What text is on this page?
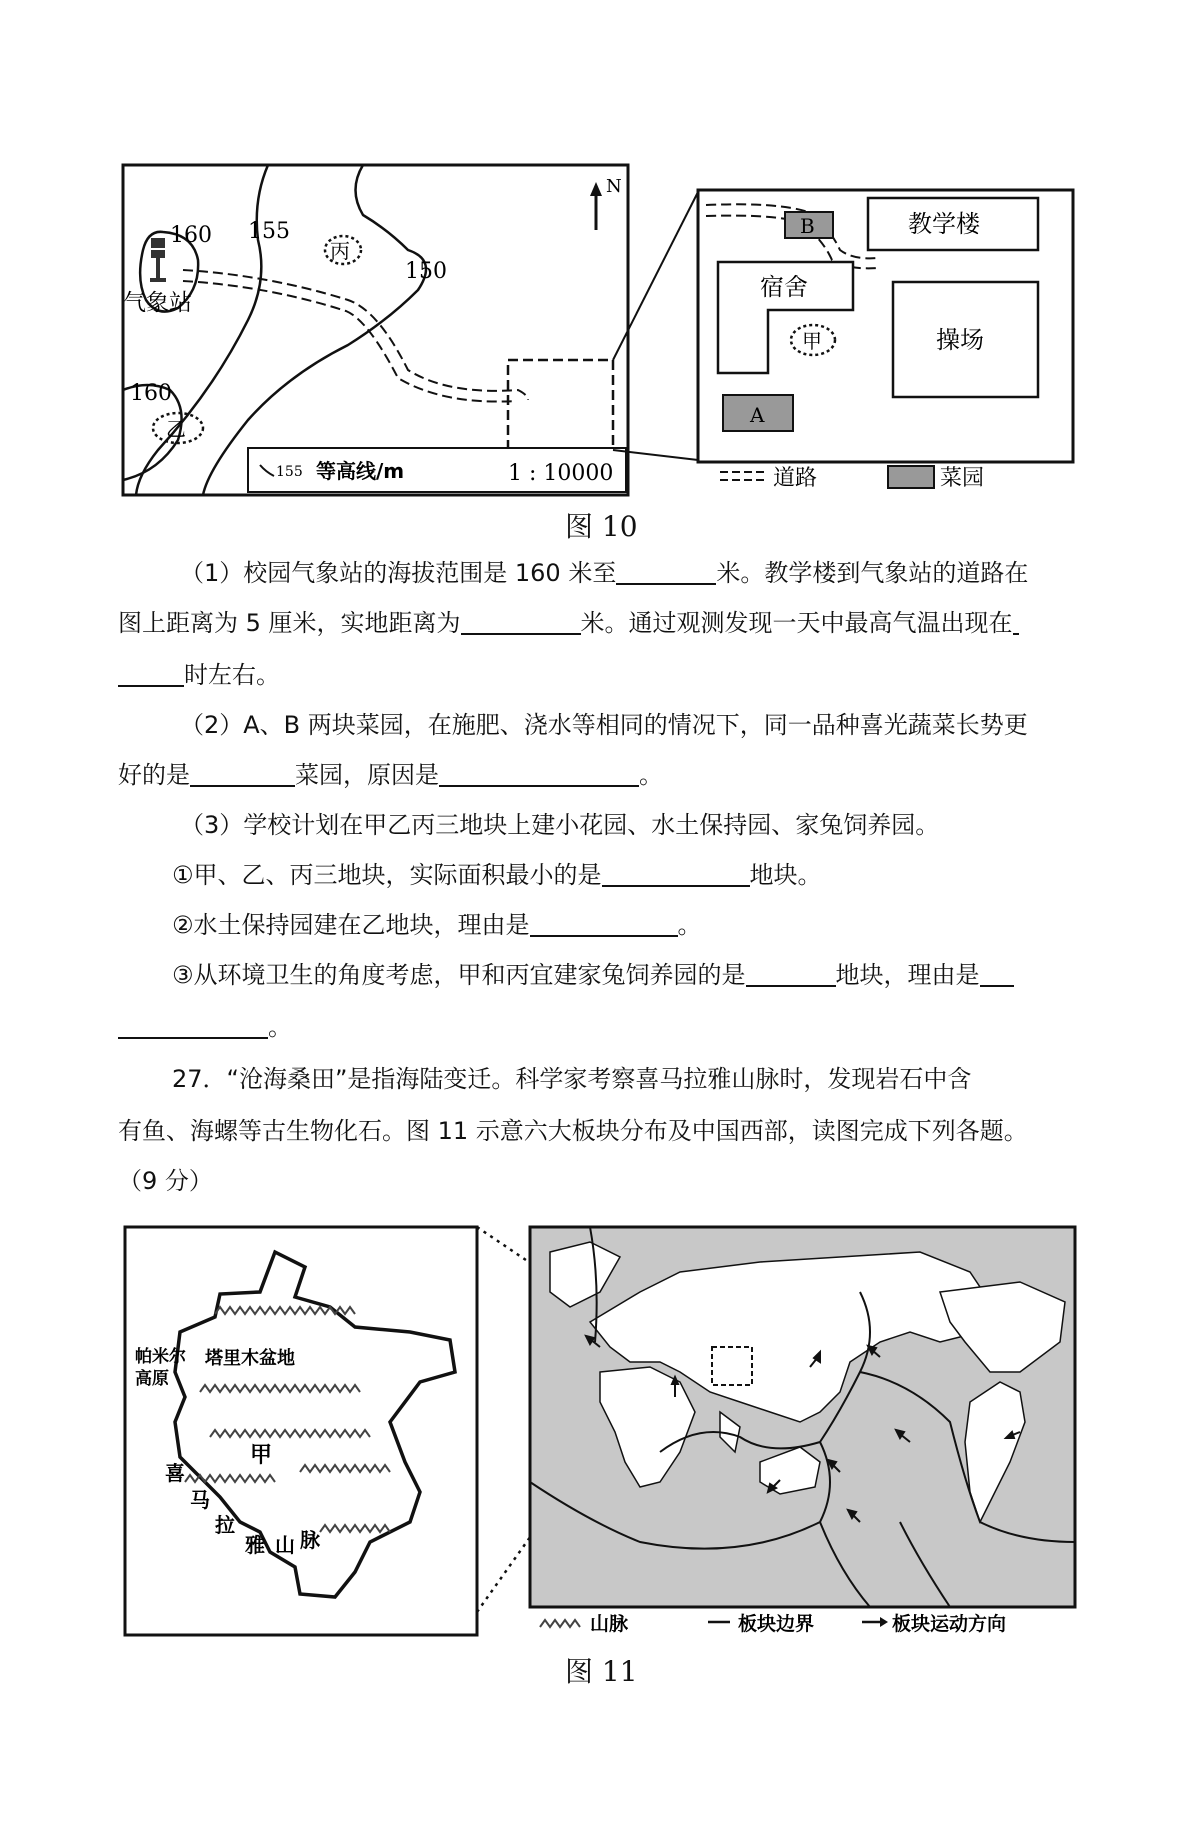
160 155
150
160
气象站
丙
乙
N
155 等高线/m	1 : 10000
教学楼
宿舍
操场
B
A
甲
道路	菜园
图 10
（1）校园气象站的海拔范围是 160 米至	米。教学楼到气象站的道路在
图上距离为 5 厘米，实地距离为	米。通过观测发现一天中最高气温出现在
时左右。
（2）A、B 两块菜园，在施肥、浇水等相同的情况下，同一品种喜光蔬菜长势更
好的是	菜园，原因是	。
（3）学校计划在甲乙丙三地块上建小花园、水土保持园、家兔饲养园。
①甲、乙、丙三地块，实际面积最小的是	地块。
②水土保持园建在乙地块，理由是	。
③从环境卫生的角度考虑，甲和丙宜建家兔饲养园的是	地块，理由是
。
27．“沧海桑田”是指海陆变迁。科学家考察喜马拉雅山脉时，发现岩石中含
有鱼、海螺等古生物化石。图 11 示意六大板块分布及中国西部，读图完成下列各题。
（9 分）
帕米尔
高原
塔里木盆地
甲
喜
马
拉
雅 山 脉
山脉	板块边界	板块运动方向
图 11
